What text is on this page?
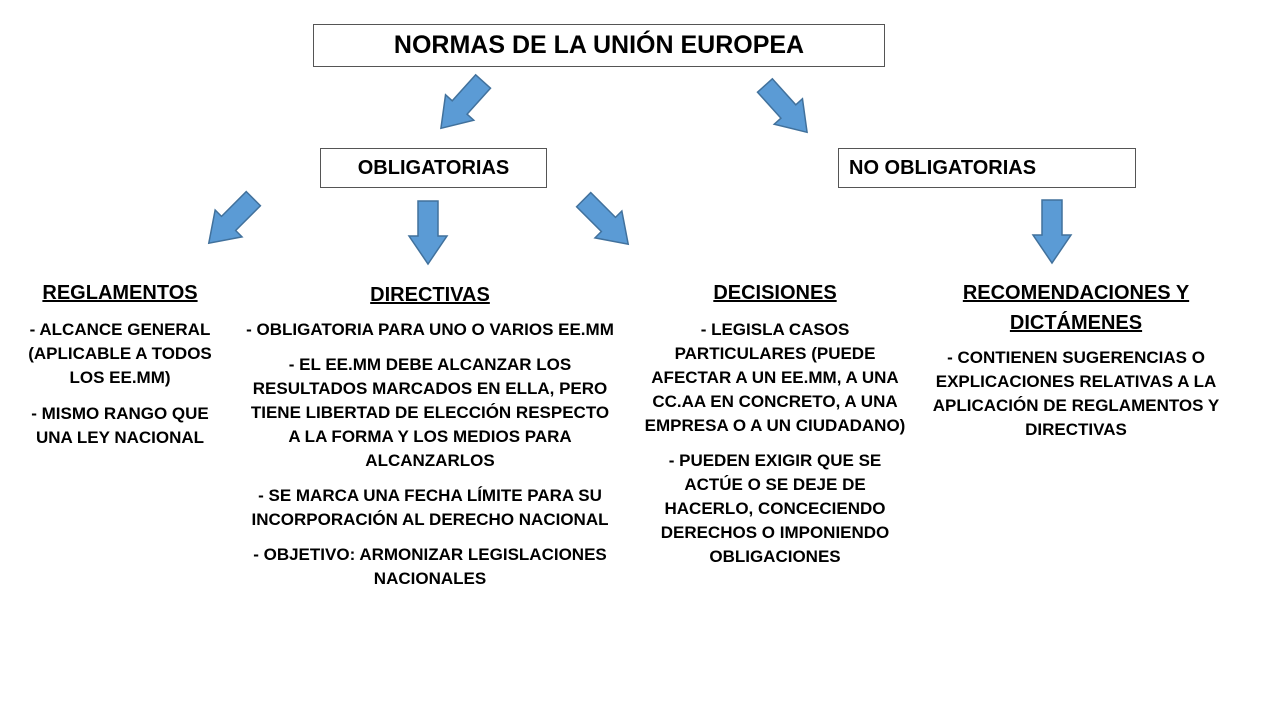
NORMAS DE LA UNIÓN EUROPEA
OBLIGATORIAS	NO OBLIGATORIAS

REGLAMENTOS

- ALCANCE GENERAL (APLICABLE A TODOS LOS EE.MM)

- MISMO RANGO QUE UNA LEY NACIONAL

DIRECTIVAS

- OBLIGATORIA PARA UNO O VARIOS EE.MM

- EL EE.MM DEBE ALCANZAR LOS RESULTADOS MARCADOS EN ELLA, PERO TIENE LIBERTAD DE ELECCIÓN RESPECTO A LA FORMA Y LOS MEDIOS PARA ALCANZARLOS

- SE MARCA UNA FECHA LÍMITE PARA SU INCORPORACIÓN AL DERECHO NACIONAL

- OBJETIVO: ARMONIZAR LEGISLACIONES NACIONALES

DECISIONES

- LEGISLA CASOS PARTICULARES (PUEDE AFECTAR A UN EE.MM, A UNA CC.AA EN CONCRETO, A UNA EMPRESA O A UN CIUDADANO)

- PUEDEN EXIGIR QUE SE ACTÚE O SE DEJE DE HACERLO, CONCECIENDO DERECHOS O IMPONIENDO OBLIGACIONES

RECOMENDACIONES Y DICTÁMENES

- CONTIENEN SUGERENCIAS O EXPLICACIONES RELATIVAS A LA APLICACIÓN DE REGLAMENTOS Y DIRECTIVAS
